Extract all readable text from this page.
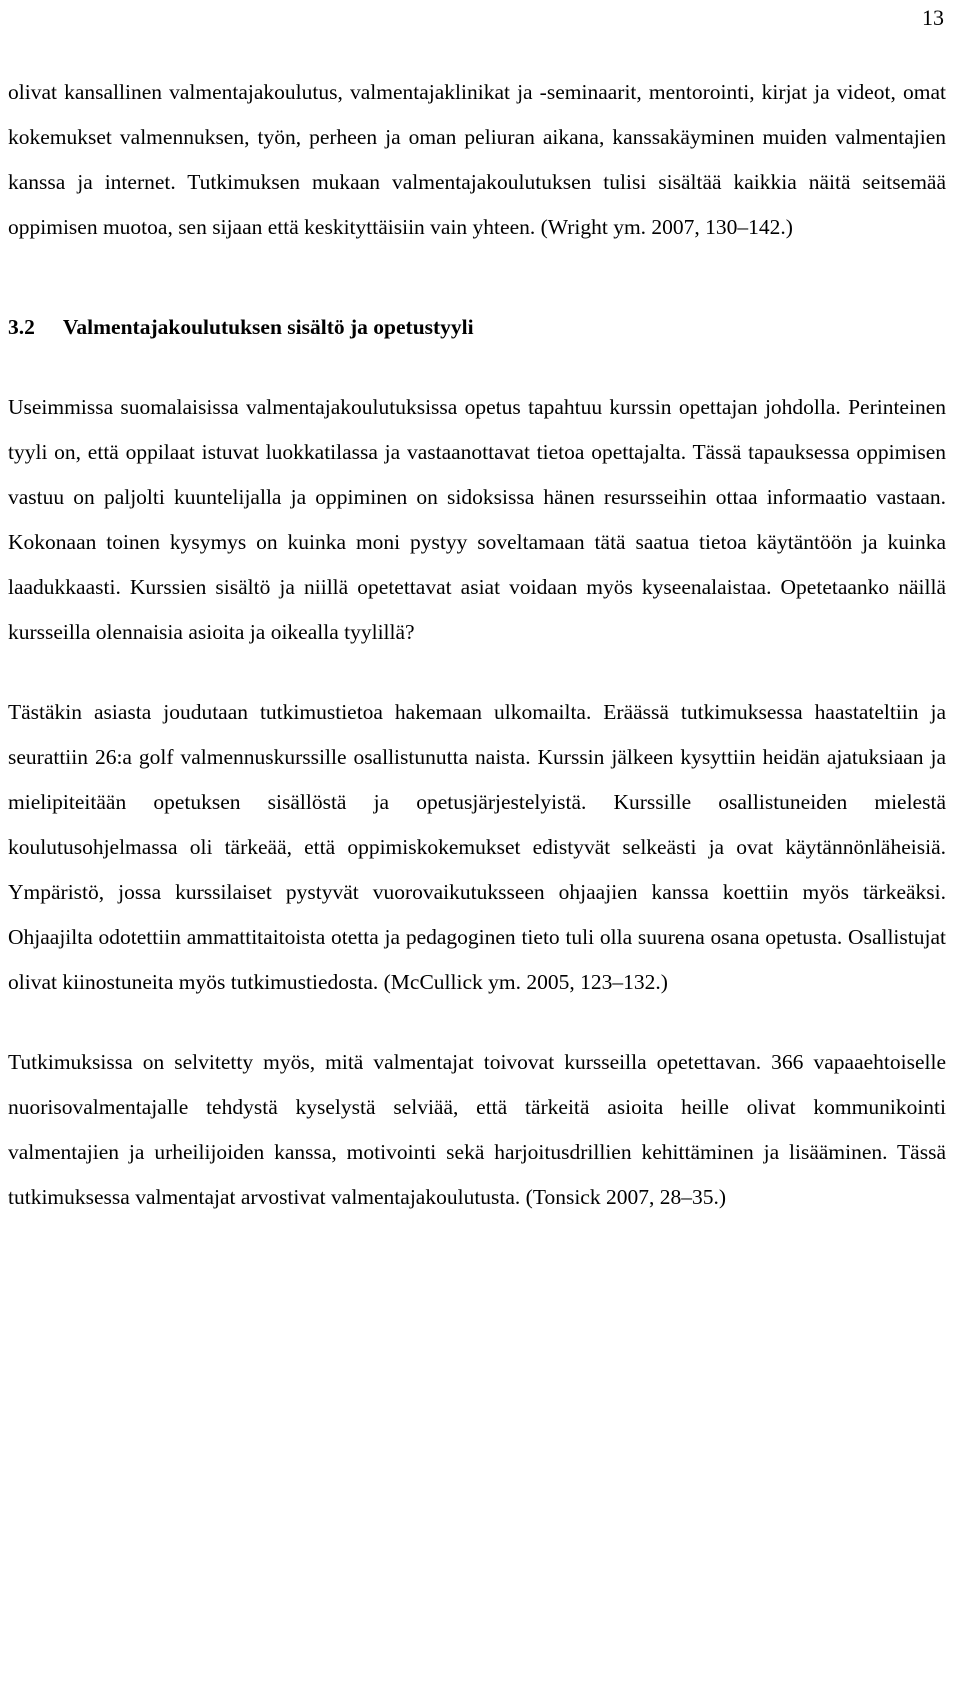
13

olivat kansallinen valmentajakoulutus, valmentajaklinikat ja -seminaarit, mentorointi, kirjat ja videot, omat kokemukset valmennuksen, työn, perheen ja oman peliuran aikana, kanssakäyminen muiden valmentajien kanssa ja internet. Tutkimuksen mukaan valmentajakoulutuksen tulisi sisältää kaikkia näitä seitsemää oppimisen muotoa, sen sijaan että keskityttäisiin vain yhteen. (Wright ym. 2007, 130–142.)

3.2 Valmentajakoulutuksen sisältö ja opetustyyli

Useimmissa suomalaisissa valmentajakoulutuksissa opetus tapahtuu kurssin opettajan johdolla. Perinteinen tyyli on, että oppilaat istuvat luokkatilassa ja vastaanottavat tietoa opettajalta. Tässä tapauksessa oppimisen vastuu on paljolti kuuntelijalla ja oppiminen on sidoksissa hänen resursseihin ottaa informaatio vastaan. Kokonaan toinen kysymys on kuinka moni pystyy soveltamaan tätä saatua tietoa käytäntöön ja kuinka laadukkaasti. Kurssien sisältö ja niillä opetettavat asiat voidaan myös kyseenalaistaa. Opetetaanko näillä kursseilla olennaisia asioita ja oikealla tyylillä?

Tästäkin asiasta joudutaan tutkimustietoa hakemaan ulkomailta. Eräässä tutkimuksessa haastateltiin ja seurattiin 26:a golf valmennuskurssille osallistunutta naista. Kurssin jälkeen kysyttiin heidän ajatuksiaan ja mielipiteitään opetuksen sisällöstä ja opetusjärjestelyistä. Kurssille osallistuneiden mielestä koulutusohjelmassa oli tärkeää, että oppimiskokemukset edistyvät selkeästi ja ovat käytännönläheisiä. Ympäristö, jossa kurssilaiset pystyvät vuorovaikutuksseen ohjaajien kanssa koettiin myös tärkeäksi. Ohjaajilta odotettiin ammattitaitoista otetta ja pedagoginen tieto tuli olla suurena osana opetusta. Osallistujat olivat kiinostuneita myös tutkimustiedosta. (McCullick ym. 2005, 123–132.)

Tutkimuksissa on selvitetty myös, mitä valmentajat toivovat kursseilla opetettavan. 366 vapaaehtoiselle nuorisovalmentajalle tehdystä kyselystä selviää, että tärkeitä asioita heille olivat kommunikointi valmentajien ja urheilijoiden kanssa, motivointi sekä harjoitusdrillien kehittäminen ja lisääminen. Tässä tutkimuksessa valmentajat arvostivat valmentajakoulutusta. (Tonsick 2007, 28–35.)
